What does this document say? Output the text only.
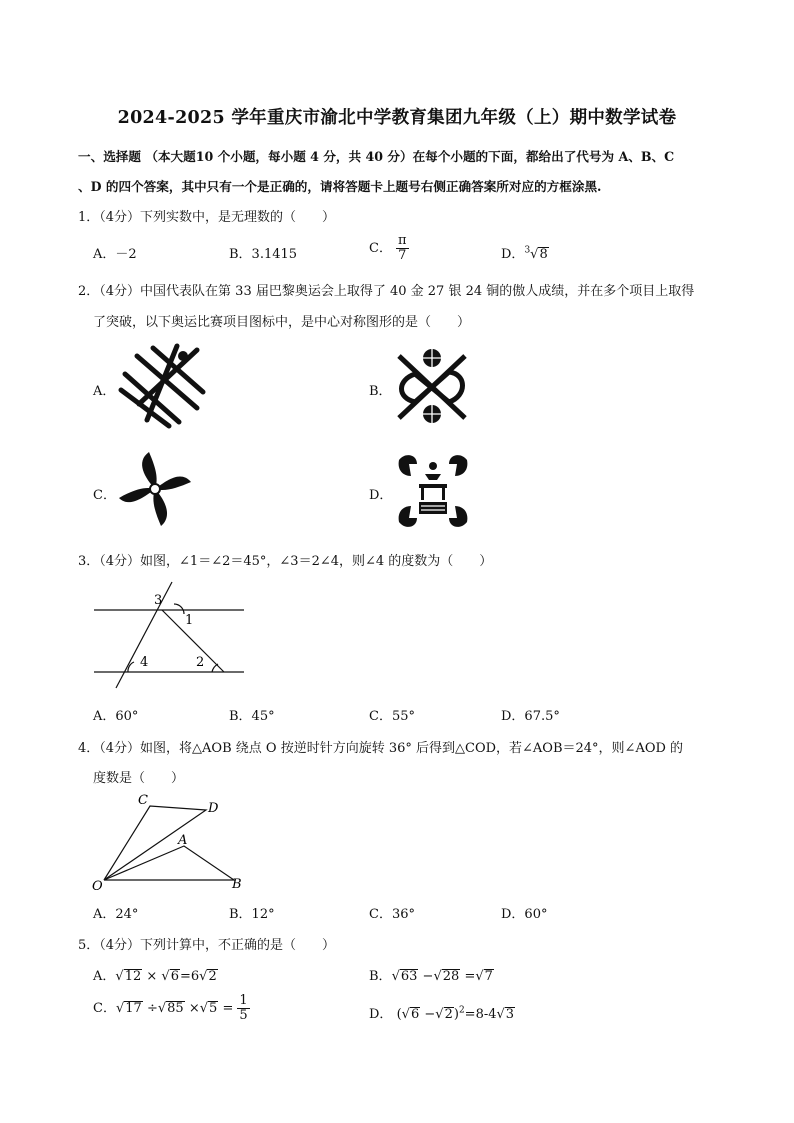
2024-2025 学年重庆市渝北中学教育集团九年级（上）期中数学试卷
一、选择题 （本大题10 个小题，每小题 4 分，共 40 分）在每个小题的下面，都给出了代号为 A、B、C
、D 的四个答案，其中只有一个是正确的，请将答题卡上题号右侧正确答案所对应的方框涂黑.
1．（4分）下列实数中，是无理数的（　　）
A．－2	B．3.1415	C． $\frac{\pi}{7}$	D．$^3$√8
2．（4分）中国代表队在第 33 届巴黎奥运会上取得了 40 金 27 银 24 铜的傲人成绩，并在多个项目上取得
了突破，以下奥运比赛项目图标中，是中心对称图形的是（　　）
A．	B．
C．	D．
3．（4分）如图，∠1＝∠2＝45°，∠3＝2∠4，则∠4 的度数为（　　）
3
1
4	2
A．60°	B．45°	C．55°	D．67.5°
4．（4分）如图，将△AOB 绕点 O 按逆时针方向旋转 36° 后得到△COD，若∠AOB＝24°，则∠AOD 的
度数是（　　）
C
D
A
O	B
A．24°	B．12°	C．36°	D．60°
5．（4分）下列计算中，不正确的是（　　）
A．√12 × √6=6√2	B．√63 −√28 =√7
C．$√17 \div√85 \times√5 = \frac{1}{5}$	D． $(√6 -√2)^2=8-4√3$
